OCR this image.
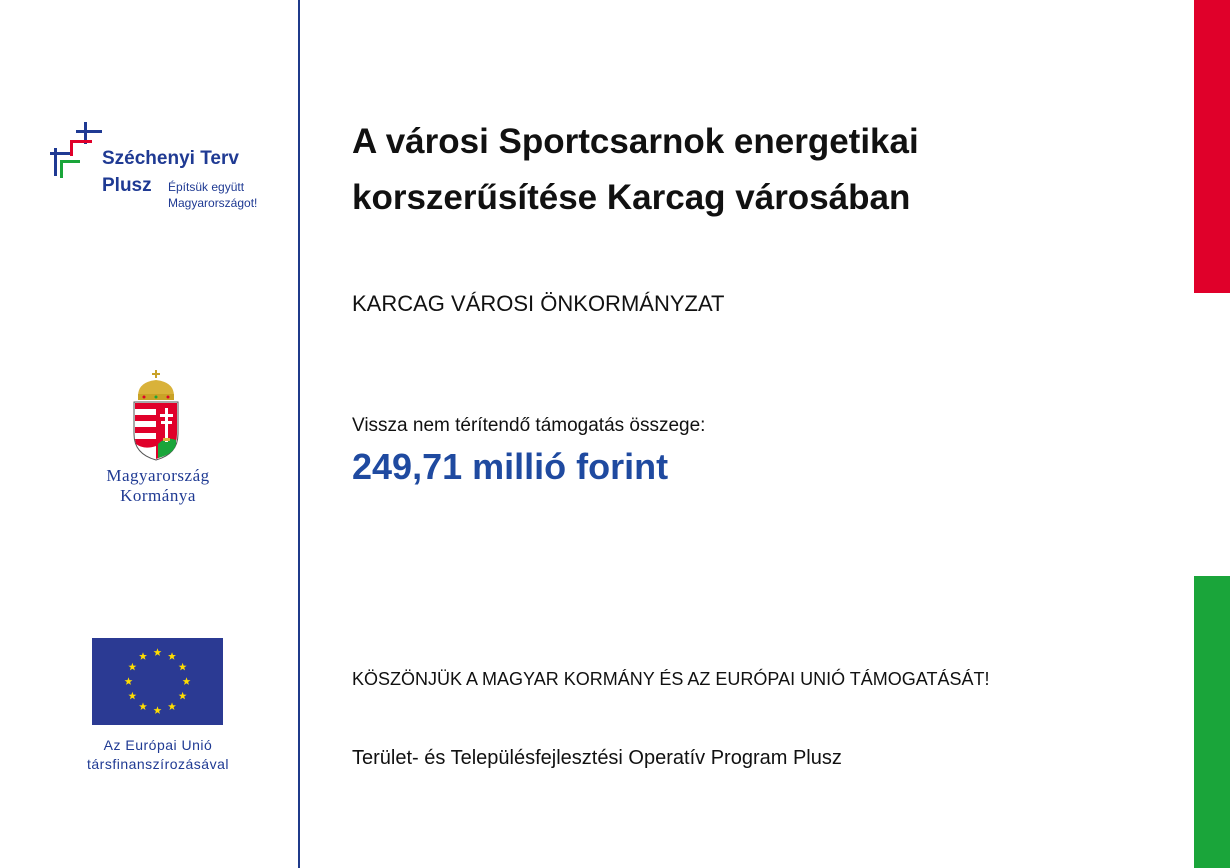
Széchenyi Terv
Plusz Építsük együtt
Magyarországot!
Magyarország
Kormánya
Az Európai Unió
társfinanszírozásával
A városi Sportcsarnok energetikai korszerűsítése Karcag városában
KARCAG VÁROSI ÖNKORMÁNYZAT
Vissza nem térítendő támogatás összege:
249,71 millió forint
KÖSZÖNJÜK A MAGYAR KORMÁNY ÉS AZ EURÓPAI UNIÓ TÁMOGATÁSÁT!
Terület- és Településfejlesztési Operatív Program Plusz
